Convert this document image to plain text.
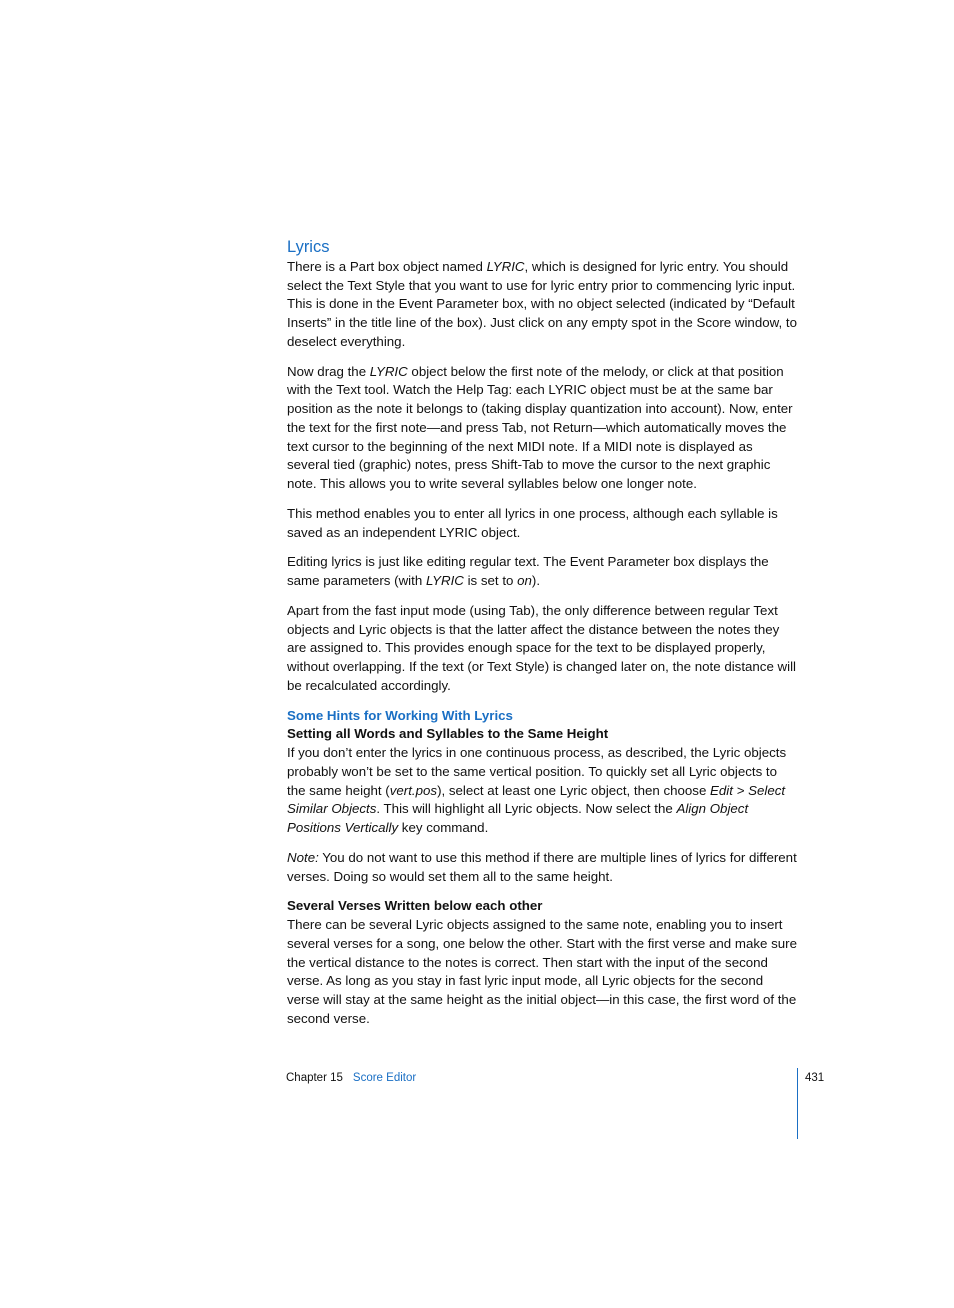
Lyrics

There is a Part box object named LYRIC, which is designed for lyric entry. You should select the Text Style that you want to use for lyric entry prior to commencing lyric input. This is done in the Event Parameter box, with no object selected (indicated by “Default Inserts” in the title line of the box). Just click on any empty spot in the Score window, to deselect everything.

Now drag the LYRIC object below the first note of the melody, or click at that position with the Text tool. Watch the Help Tag: each LYRIC object must be at the same bar position as the note it belongs to (taking display quantization into account). Now, enter the text for the first note—and press Tab, not Return—which automatically moves the text cursor to the beginning of the next MIDI note. If a MIDI note is displayed as several tied (graphic) notes, press Shift-Tab to move the cursor to the next graphic note. This allows you to write several syllables below one longer note.

This method enables you to enter all lyrics in one process, although each syllable is saved as an independent LYRIC object.

Editing lyrics is just like editing regular text. The Event Parameter box displays the same parameters (with LYRIC is set to on).

Apart from the fast input mode (using Tab), the only difference between regular Text objects and Lyric objects is that the latter affect the distance between the notes they are assigned to. This provides enough space for the text to be displayed properly, without overlapping. If the text (or Text Style) is changed later on, the note distance will be recalculated accordingly.

Some Hints for Working With Lyrics
Setting all Words and Syllables to the Same Height

If you don’t enter the lyrics in one continuous process, as described, the Lyric objects probably won’t be set to the same vertical position. To quickly set all Lyric objects to the same height (vert.pos), select at least one Lyric object, then choose Edit > Select Similar Objects. This will highlight all Lyric objects. Now select the Align Object Positions Vertically key command.

Note: You do not want to use this method if there are multiple lines of lyrics for different verses. Doing so would set them all to the same height.

Several Verses Written below each other

There can be several Lyric objects assigned to the same note, enabling you to insert several verses for a song, one below the other. Start with the first verse and make sure the vertical distance to the notes is correct. Then start with the input of the second verse. As long as you stay in fast lyric input mode, all Lyric objects for the second verse will stay at the same height as the initial object—in this case, the first word of the second verse.

Chapter 15 Score Editor	431
